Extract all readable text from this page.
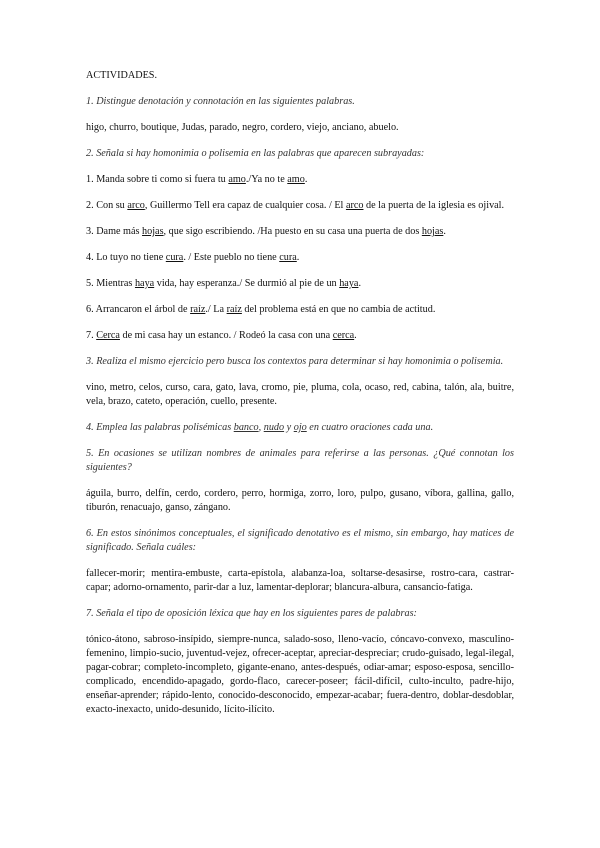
ACTIVIDADES.
1. Distingue denotación y connotación en las siguientes palabras.
higo, churro, boutique, Judas, parado, negro, cordero, viejo, anciano, abuelo.
2. Señala si hay homonimia o polisemia en las palabras que aparecen subrayadas:
1. Manda sobre ti como si fuera tu amo./Ya no te amo.
2. Con su arco, Guillermo Tell era capaz de cualquier cosa. / El arco de la puerta de la iglesia es ojival.
3. Dame más hojas, que sigo escribiendo. /Ha puesto en su casa una puerta de dos hojas.
4. Lo tuyo no tiene cura. / Este pueblo no tiene cura.
5. Mientras haya vida, hay esperanza./ Se durmió al pie de un haya.
6. Arrancaron el árbol de raíz./ La raíz del problema está en que no cambia de actitud.
7. Cerca de mi casa hay un estanco. / Rodeó la casa con una cerca.
3. Realiza el mismo ejercicio pero busca los contextos para determinar si hay homonimia o polisemia.
vino, metro, celos, curso, cara, gato, lava, cromo, pie, pluma, cola, ocaso, red, cabina, talón, ala, buitre, vela, brazo, cateto, operación, cuello, presente.
4. Emplea las palabras polisémicas banco, nudo y ojo en cuatro oraciones cada una.
5. En ocasiones se utilizan nombres de animales para referirse a las personas. ¿Qué connotan los siguientes?
águila, burro, delfín, cerdo, cordero, perro, hormiga, zorro, loro, pulpo, gusano, víbora, gallina, gallo, tiburón, renacuajo, ganso, zángano.
6. En estos sinónimos conceptuales, el significado denotativo es el mismo, sin embargo, hay matices de significado. Señala cuáles:
fallecer-morir; mentira-embuste, carta-epístola, alabanza-loa, soltarse-desasirse, rostro-cara, castrar-capar; adorno-ornamento, parir-dar a luz, lamentar-deplorar; blancura-albura, cansancio-fatiga.
7. Señala el tipo de oposición léxica que hay en los siguientes pares de palabras:
tónico-átono, sabroso-insípido, siempre-nunca, salado-soso, lleno-vacío, cóncavo-convexo, masculino-femenino, limpio-sucio, juventud-vejez, ofrecer-aceptar, apreciar-despreciar; crudo-guisado, legal-ilegal, pagar-cobrar; completo-incompleto, gigante-enano, antes-después, odiar-amar; esposo-esposa, sencillo-complicado, encendido-apagado, gordo-flaco, carecer-poseer; fácil-difícil, culto-inculto, padre-hijo, enseñar-aprender; rápido-lento, conocido-desconocido, empezar-acabar; fuera-dentro, doblar-desdoblar, exacto-inexacto, unido-desunido, lícito-ilícito.
